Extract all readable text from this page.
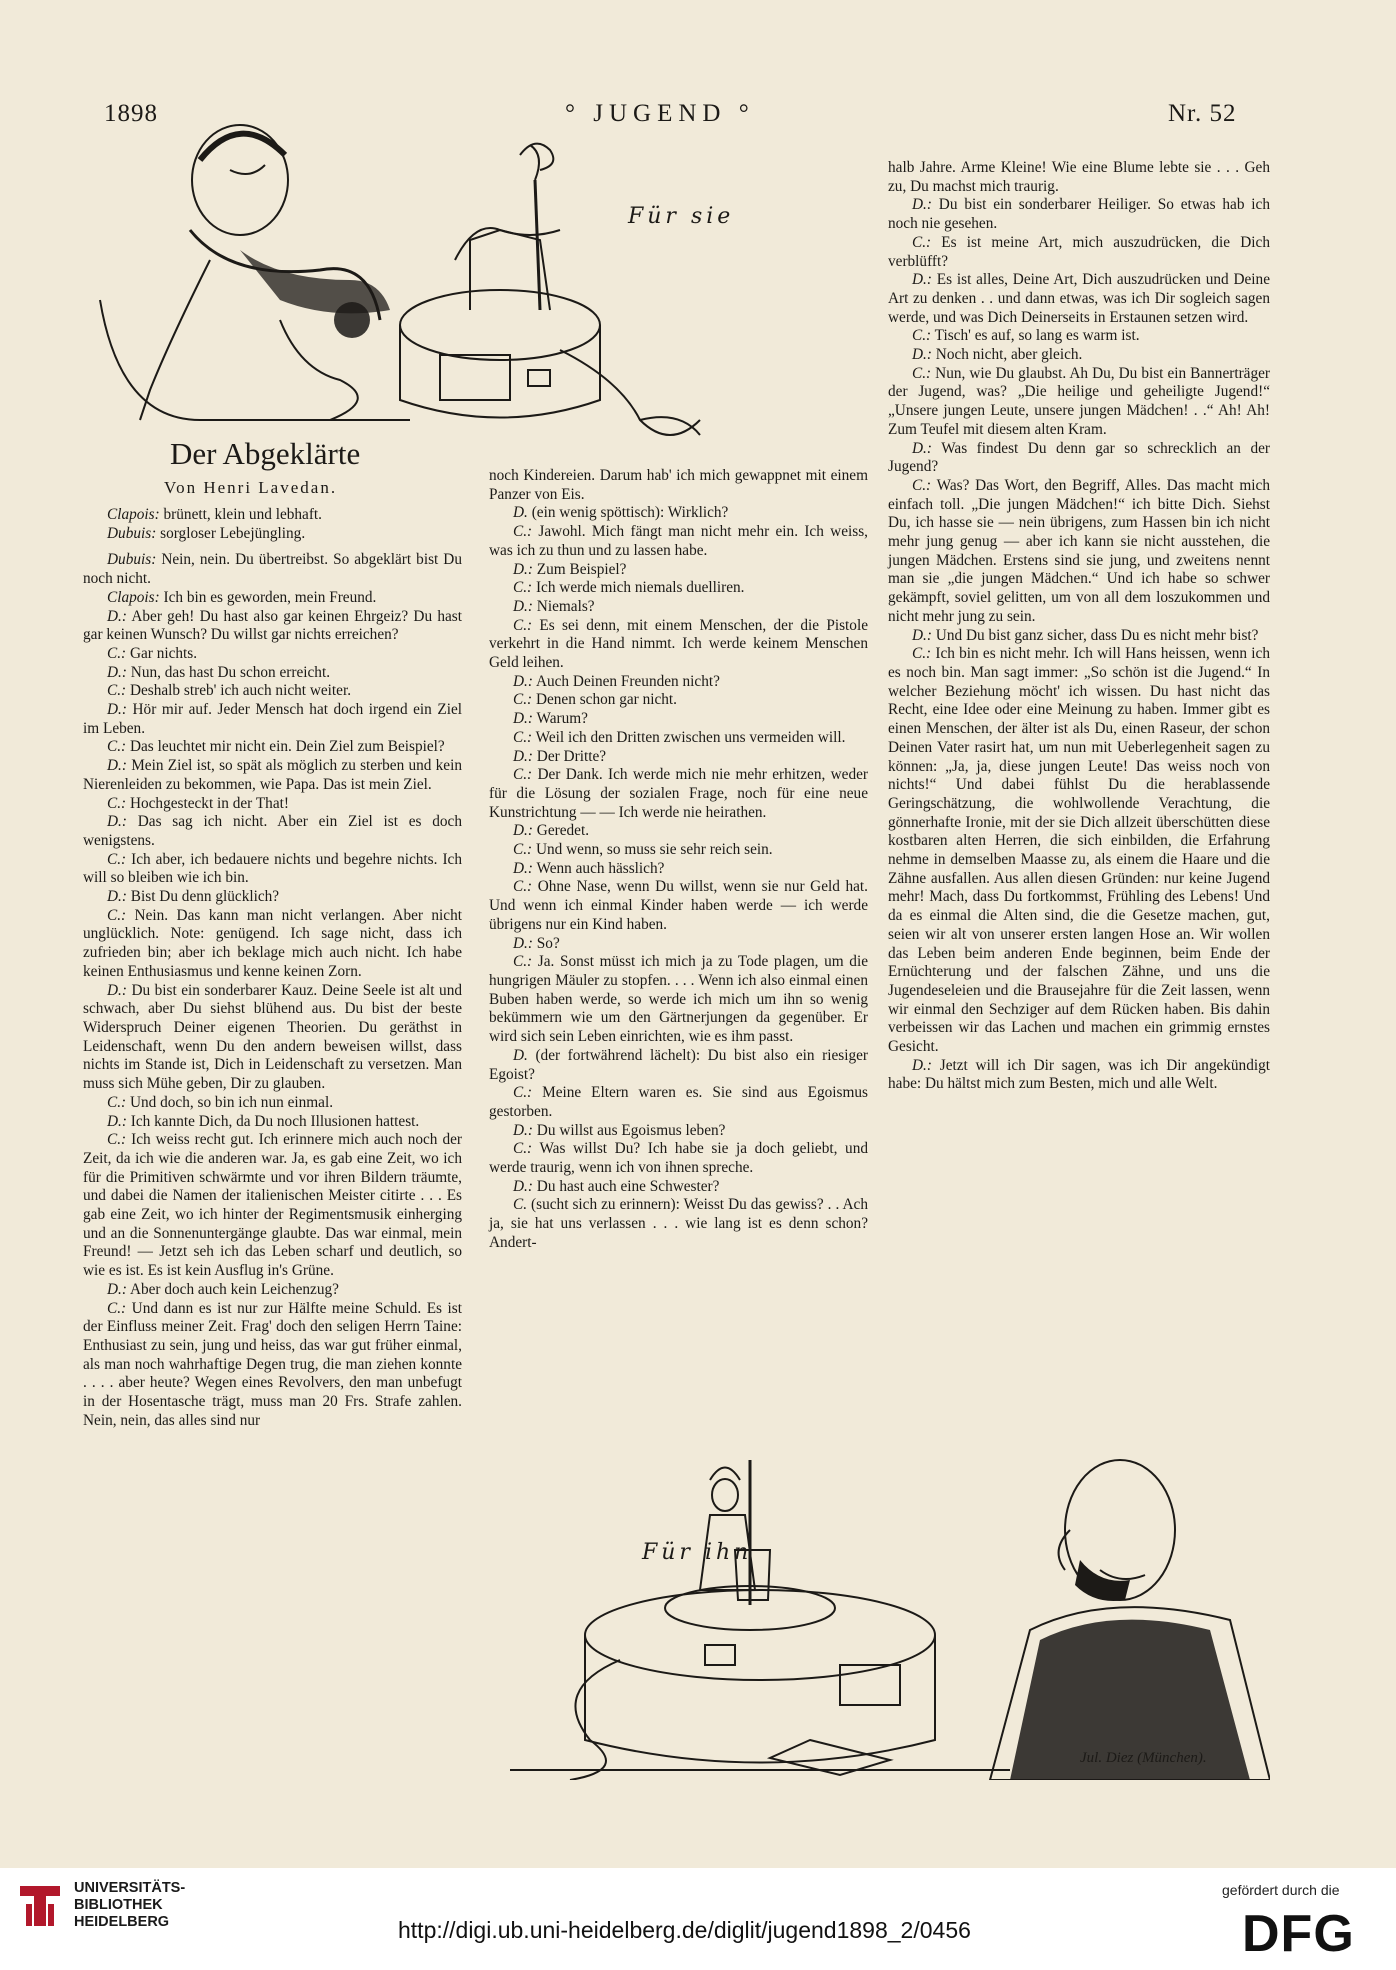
1898	° JUGEND °	Nr. 52
Für sie
Der Abgeklärte
Von Henri Lavedan.

Clapois: brünett, klein und lebhaft.

Dubuis: sorgloser Lebejüngling.

Dubuis: Nein, nein. Du übertreibst. So abgeklärt bist Du noch nicht.

Clapois: Ich bin es geworden, mein Freund.

D.: Aber geh! Du hast also gar keinen Ehrgeiz? Du hast gar keinen Wunsch? Du willst gar nichts erreichen?

C.: Gar nichts.

D.: Nun, das hast Du schon erreicht.

C.: Deshalb streb' ich auch nicht weiter.

D.: Hör mir auf. Jeder Mensch hat doch irgend ein Ziel im Leben.

C.: Das leuchtet mir nicht ein. Dein Ziel zum Beispiel?

D.: Mein Ziel ist, so spät als möglich zu sterben und kein Nierenleiden zu bekommen, wie Papa. Das ist mein Ziel.

C.: Hochgesteckt in der That!

D.: Das sag ich nicht. Aber ein Ziel ist es doch wenigstens.

C.: Ich aber, ich bedauere nichts und begehre nichts. Ich will so bleiben wie ich bin.

D.: Bist Du denn glücklich?

C.: Nein. Das kann man nicht verlangen. Aber nicht unglücklich. Note: genügend. Ich sage nicht, dass ich zufrieden bin; aber ich beklage mich auch nicht. Ich habe keinen Enthusiasmus und kenne keinen Zorn.

D.: Du bist ein sonderbarer Kauz. Deine Seele ist alt und schwach, aber Du siehst blühend aus. Du bist der beste Widerspruch Deiner eigenen Theorien. Du geräthst in Leidenschaft, wenn Du den andern beweisen willst, dass nichts im Stande ist, Dich in Leidenschaft zu versetzen. Man muss sich Mühe geben, Dir zu glauben.

C.: Und doch, so bin ich nun einmal.

D.: Ich kannte Dich, da Du noch Illusionen hattest.

C.: Ich weiss recht gut. Ich erinnere mich auch noch der Zeit, da ich wie die anderen war. Ja, es gab eine Zeit, wo ich für die Primitiven schwärmte und vor ihren Bildern träumte, und dabei die Namen der italienischen Meister citirte . . . Es gab eine Zeit, wo ich hinter der Regimentsmusik einherging und an die Sonnenuntergänge glaubte. Das war einmal, mein Freund! — Jetzt seh ich das Leben scharf und deutlich, so wie es ist. Es ist kein Ausflug in's Grüne.

D.: Aber doch auch kein Leichenzug?

C.: Und dann es ist nur zur Hälfte meine Schuld. Es ist der Einfluss meiner Zeit. Frag' doch den seligen Herrn Taine: Enthusiast zu sein, jung und heiss, das war gut früher einmal, als man noch wahrhaftige Degen trug, die man ziehen konnte . . . . aber heute? Wegen eines Revolvers, den man unbefugt in der Hosentasche trägt, muss man 20 Frs. Strafe zahlen. Nein, nein, das alles sind nur

noch Kindereien. Darum hab' ich mich gewappnet mit einem Panzer von Eis.

D. (ein wenig spöttisch): Wirklich?

C.: Jawohl. Mich fängt man nicht mehr ein. Ich weiss, was ich zu thun und zu lassen habe.

D.: Zum Beispiel?

C.: Ich werde mich niemals duelliren.

D.: Niemals?

C.: Es sei denn, mit einem Menschen, der die Pistole verkehrt in die Hand nimmt. Ich werde keinem Menschen Geld leihen.

D.: Auch Deinen Freunden nicht?

C.: Denen schon gar nicht.

D.: Warum?

C.: Weil ich den Dritten zwischen uns vermeiden will.

D.: Der Dritte?

C.: Der Dank. Ich werde mich nie mehr erhitzen, weder für die Lösung der sozialen Frage, noch für eine neue Kunstrichtung — — Ich werde nie heirathen.

D.: Geredet.

C.: Und wenn, so muss sie sehr reich sein.

D.: Wenn auch hässlich?

C.: Ohne Nase, wenn Du willst, wenn sie nur Geld hat. Und wenn ich einmal Kinder haben werde — ich werde übrigens nur ein Kind haben.

D.: So?

C.: Ja. Sonst müsst ich mich ja zu Tode plagen, um die hungrigen Mäuler zu stopfen. . . . Wenn ich also einmal einen Buben haben werde, so werde ich mich um ihn so wenig bekümmern wie um den Gärtnerjungen da gegenüber. Er wird sich sein Leben einrichten, wie es ihm passt.

D. (der fortwährend lächelt): Du bist also ein riesiger Egoist?

C.: Meine Eltern waren es. Sie sind aus Egoismus gestorben.

D.: Du willst aus Egoismus leben?

C.: Was willst Du? Ich habe sie ja doch geliebt, und werde traurig, wenn ich von ihnen spreche.

D.: Du hast auch eine Schwester?

C. (sucht sich zu erinnern): Weisst Du das gewiss? . . Ach ja, sie hat uns verlassen . . . wie lang ist es denn schon? Andert-

halb Jahre. Arme Kleine! Wie eine Blume lebte sie . . . Geh zu, Du machst mich traurig.

D.: Du bist ein sonderbarer Heiliger. So etwas hab ich noch nie gesehen.

C.: Es ist meine Art, mich auszudrücken, die Dich verblüfft?

D.: Es ist alles, Deine Art, Dich auszudrücken und Deine Art zu denken . . und dann etwas, was ich Dir sogleich sagen werde, und was Dich Deinerseits in Erstaunen setzen wird.

C.: Tisch' es auf, so lang es warm ist.

D.: Noch nicht, aber gleich.

C.: Nun, wie Du glaubst. Ah Du, Du bist ein Bannerträger der Jugend, was? „Die heilige und geheiligte Jugend!“ „Unsere jungen Leute, unsere jungen Mädchen! . .“ Ah! Ah! Zum Teufel mit diesem alten Kram.

D.: Was findest Du denn gar so schrecklich an der Jugend?

C.: Was? Das Wort, den Begriff, Alles. Das macht mich einfach toll. „Die jungen Mädchen!“ ich bitte Dich. Siehst Du, ich hasse sie — nein übrigens, zum Hassen bin ich nicht mehr jung genug — aber ich kann sie nicht ausstehen, die jungen Mädchen. Erstens sind sie jung, und zweitens nennt man sie „die jungen Mädchen.“ Und ich habe so schwer gekämpft, soviel gelitten, um von all dem loszukommen und nicht mehr jung zu sein.

D.: Und Du bist ganz sicher, dass Du es nicht mehr bist?

C.: Ich bin es nicht mehr. Ich will Hans heissen, wenn ich es noch bin. Man sagt immer: „So schön ist die Jugend.“ In welcher Beziehung möcht' ich wissen. Du hast nicht das Recht, eine Idee oder eine Meinung zu haben. Immer gibt es einen Menschen, der älter ist als Du, einen Raseur, der schon Deinen Vater rasirt hat, um nun mit Ueberlegenheit sagen zu können: „Ja, ja, diese jungen Leute! Das weiss noch von nichts!“ Und dabei fühlst Du die herablassende Geringschätzung, die wohlwollende Verachtung, die gönnerhafte Ironie, mit der sie Dich allzeit überschütten diese kostbaren alten Herren, die sich einbilden, die Erfahrung nehme in demselben Maasse zu, als einem die Haare und die Zähne ausfallen. Aus allen diesen Gründen: nur keine Jugend mehr! Mach, dass Du fortkommst, Frühling des Lebens! Und da es einmal die Alten sind, die die Gesetze machen, gut, seien wir alt von unserer ersten langen Hose an. Wir wollen das Leben beim anderen Ende beginnen, beim Ende der Ernüchterung und der falschen Zähne, und uns die Jugendeseleien und die Brausejahre für die Zeit lassen, wenn wir einmal den Sechziger auf dem Rücken haben. Bis dahin verbeissen wir das Lachen und machen ein grimmig ernstes Gesicht.

D.: Jetzt will ich Dir sagen, was ich Dir angekündigt habe: Du hältst mich zum Besten, mich und alle Welt.

Für ihn
Jul. Diez (München).
UNIVERSITÄTS-
BIBLIOTHEK
HEIDELBERG	http://digi.ub.uni-heidelberg.de/diglit/jugend1898_2/0456
gefördert durch die
DFG
